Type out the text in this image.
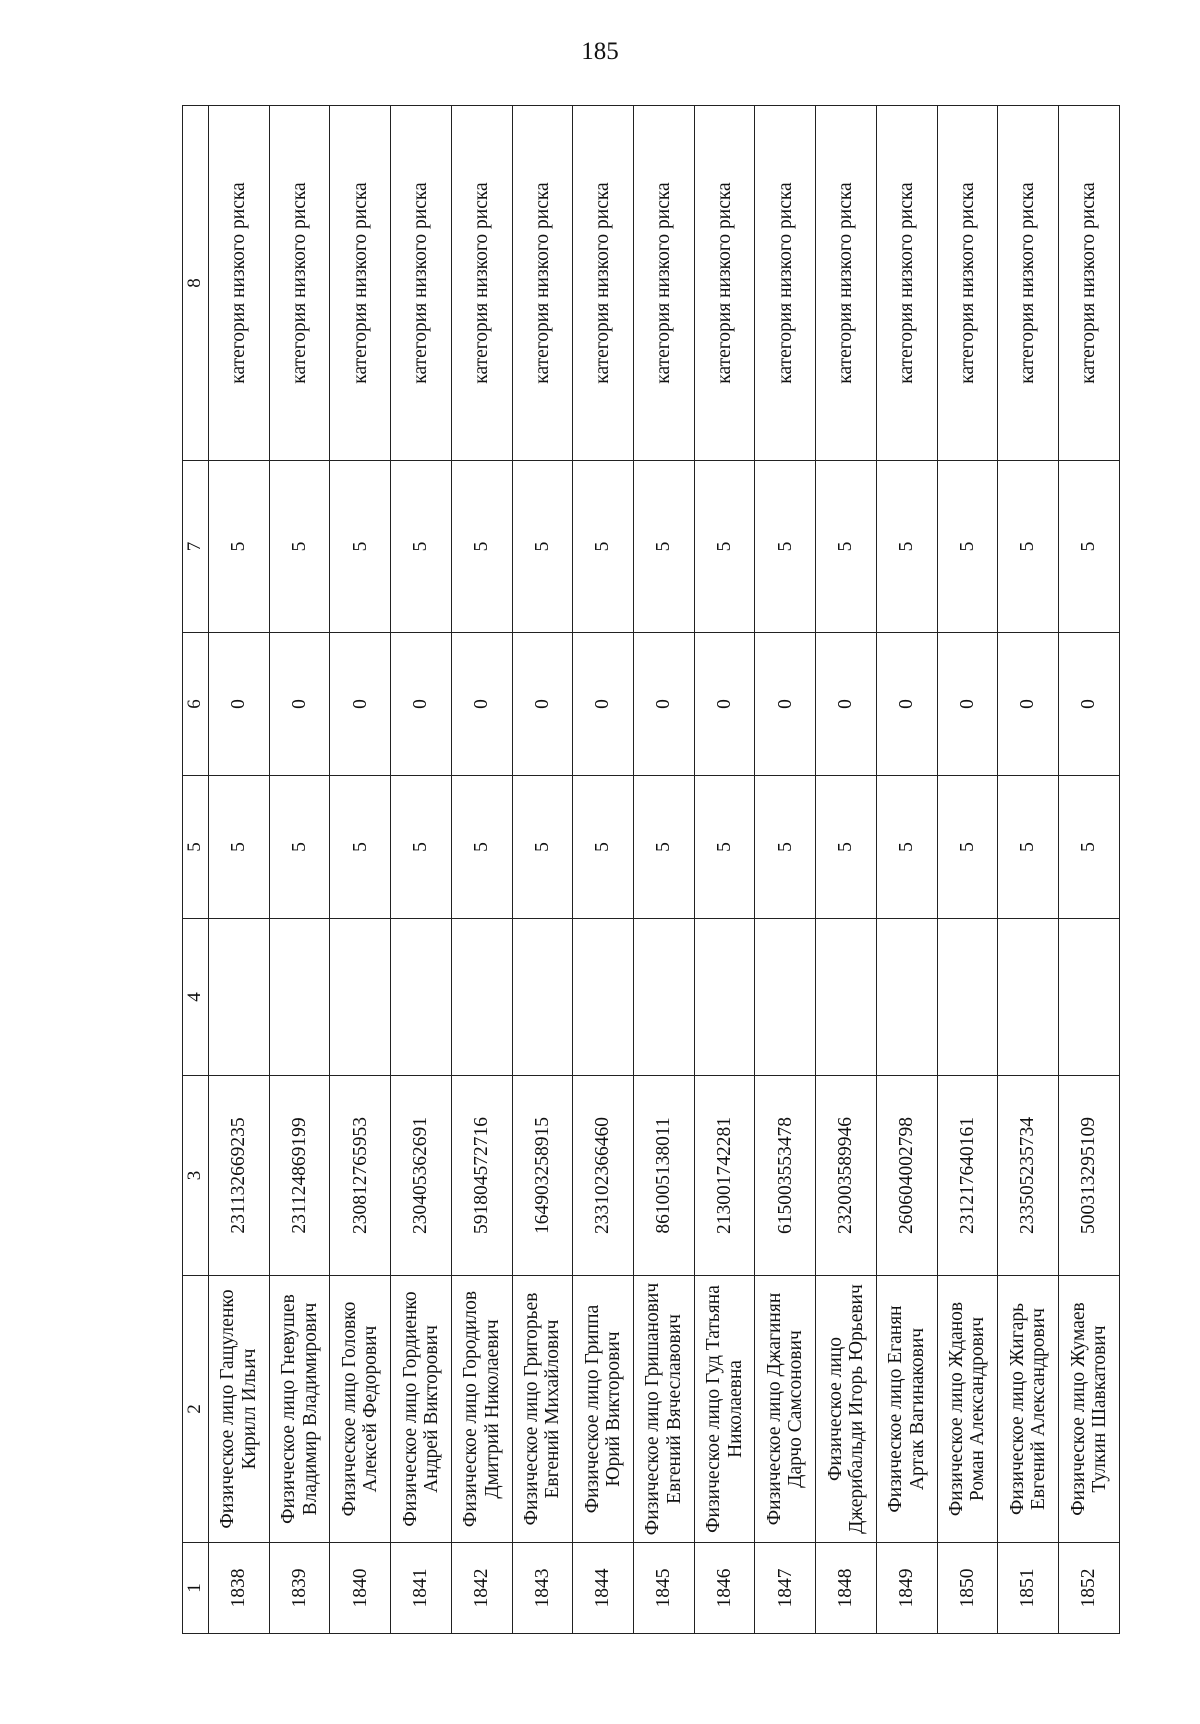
185
1	2	3	4	5	6	7	8
1838	Физическое лицо Гащуленко Кирилл Ильич	231132669235		5	0	5	категория низкого риска
1839	Физическое лицо Гневушев Владимир Владимирович	231124869199		5	0	5	категория низкого риска
1840	Физическое лицо Головко Алексей Федорович	230812765953		5	0	5	категория низкого риска
1841	Физическое лицо Гордиенко Андрей Викторович	230405362691		5	0	5	категория низкого риска
1842	Физическое лицо Городилов Дмитрий Николаевич	591804572716		5	0	5	категория низкого риска
1843	Физическое лицо Григорьев Евгений Михайлович	164903258915		5	0	5	категория низкого риска
1844	Физическое лицо Гриппа Юрий Викторович	233102366460		5	0	5	категория низкого риска
1845	Физическое лицо Гришанович Евгений Вячеславович	861005138011		5	0	5	категория низкого риска
1846	Физическое лицо Гуд Татьяна Николаевна	213001742281		5	0	5	категория низкого риска
1847	Физическое лицо Джагинян Дарчо Самсонович	615003553478		5	0	5	категория низкого риска
1848	Физическое лицо Джерибальди Игорь Юрьевич	232003589946		5	0	5	категория низкого риска
1849	Физическое лицо Еганян Артак Вагинакович	260604002798		5	0	5	категория низкого риска
1850	Физическое лицо Жданов Роман Александрович	231217640161		5	0	5	категория низкого риска
1851	Физическое лицо Жигарь Евгений Александрович	233505235734		5	0	5	категория низкого риска
1852	Физическое лицо Жумаев Тулкин Шавкатович	500313295109		5	0	5	категория низкого риска
